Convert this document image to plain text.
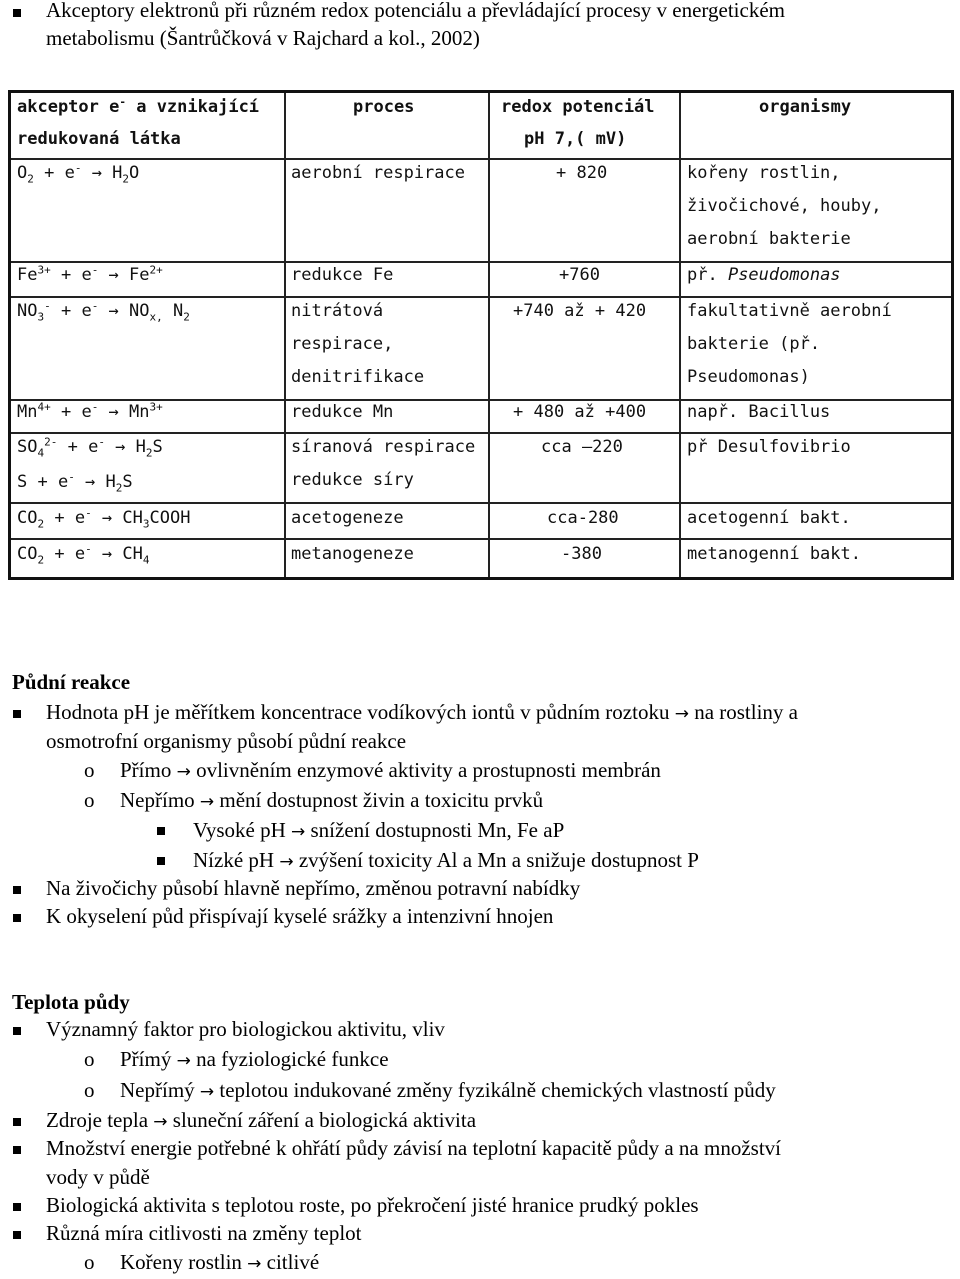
Akceptory elektronů při různém redox potenciálu a převládající procesy v energetickém
metabolismu (Šantrůčková v Rajchard a kol., 2002)
akceptor e- a vznikající
redukovaná látka
proces	redox potenciál
pH 7,( mV)
organismy
$O_2 + e^- \to H_2O$
$Fe^{3+} + e^- \to Fe^{2+}$
$NO_3^- + e^- \to NO_{x,}$ $N_2$
$Mn^{4+} + e^- \to Mn^{3+}$
$SO_4^{2-} + e^- \to H_2S$
$S + e^- \to H_2S$
$CO_2 + e^-$ → $CH_3COOH$
$CO_2 + e^- \to CH_4$
aerobní respirace
redukce Fe
nitrátová
respirace,
denitrifikace
redukce Mn
síranová respirace
redukce síry
acetogeneze
metanogeneze
+ 820
+760
+740 až + 420
+ 480 až +400
cca –220
cca-280
-380
kořeny rostlin,
živočichové, houby,
aerobní bakterie
př. Pseudomonas
fakultativně aerobní
bakterie (př.
Pseudomonas)
např. Bacillus
př Desulfovibrio
acetogenní bakt.
metanogenní bakt.
Půdní reakce
Hodnota pH je měřítkem koncentrace vodíkových iontů v půdním roztoku → na rostliny a
osmotrofní organismy působí půdní reakce
o Přímo → ovlivněním enzymové aktivity a prostupnosti membrán
o Nepřímo → mění dostupnost živin a toxicitu prvků
Vysoké pH → snížení dostupnosti Mn, Fe aP
Nízké pH → zvýšení toxicity Al a Mn a snižuje dostupnost P
Na živočichy působí hlavně nepřímo, změnou potravní nabídky
K okyselení půd přispívají kyselé srážky a intenzivní hnojen
Teplota půdy
Významný faktor pro biologickou aktivitu, vliv
o Přímý → na fyziologické funkce
o Nepřímý → teplotou indukované změny fyzikálně chemických vlastností půdy
Zdroje tepla → sluneční záření a biologická aktivita
Množství energie potřebné k ohřátí půdy závisí na teplotní kapacitě půdy a na množství
vody v půdě
Biologická aktivita s teplotou roste, po překročení jisté hranice prudký pokles
Různá míra citlivosti na změny teplot
o Kořeny rostlin → citlivé
